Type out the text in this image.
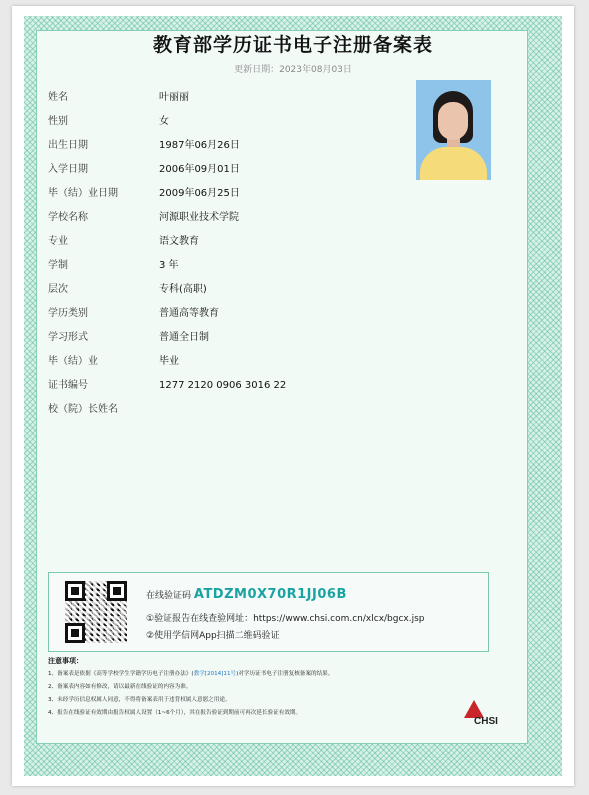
教育部学历证书电子注册备案表
更新日期：2023年08月03日
姓名	叶丽丽
性别	女
出生日期	1987年06月26日
入学日期	2006年09月01日
毕（结）业日期	2009年06月25日
学校名称	河源职业技术学院
专业	语文教育
学制	3 年
层次	专科(高职)
学历类别	普通高等教育
学习形式	普通全日制
毕（结）业	毕业
证书编号	1277 2120 0906 3016 22
校（院）长姓名
在线验证码 ATDZM0X70R1JJ06B
①验证报告在线查验网址：https://www.chsi.com.cn/xlcx/bgcx.jsp
②使用学信网App扫描二维码验证
注意事项：
1、备案表是依据《高等学校学生学籍学历电子注册办法》(教学[2014]11号)对学历证书电子注册复核备案的结果。
2、备案表内容如有修改，请以最新在线验证的内容为准。
3、未经学历信息权属人同意，不得将备案表用于违背权属人意愿之用途。
4、报告在线验证有效期由报告权属人设置（1~6个月），其在报告验证到期前可再次延长验证有效期。
CHSI
